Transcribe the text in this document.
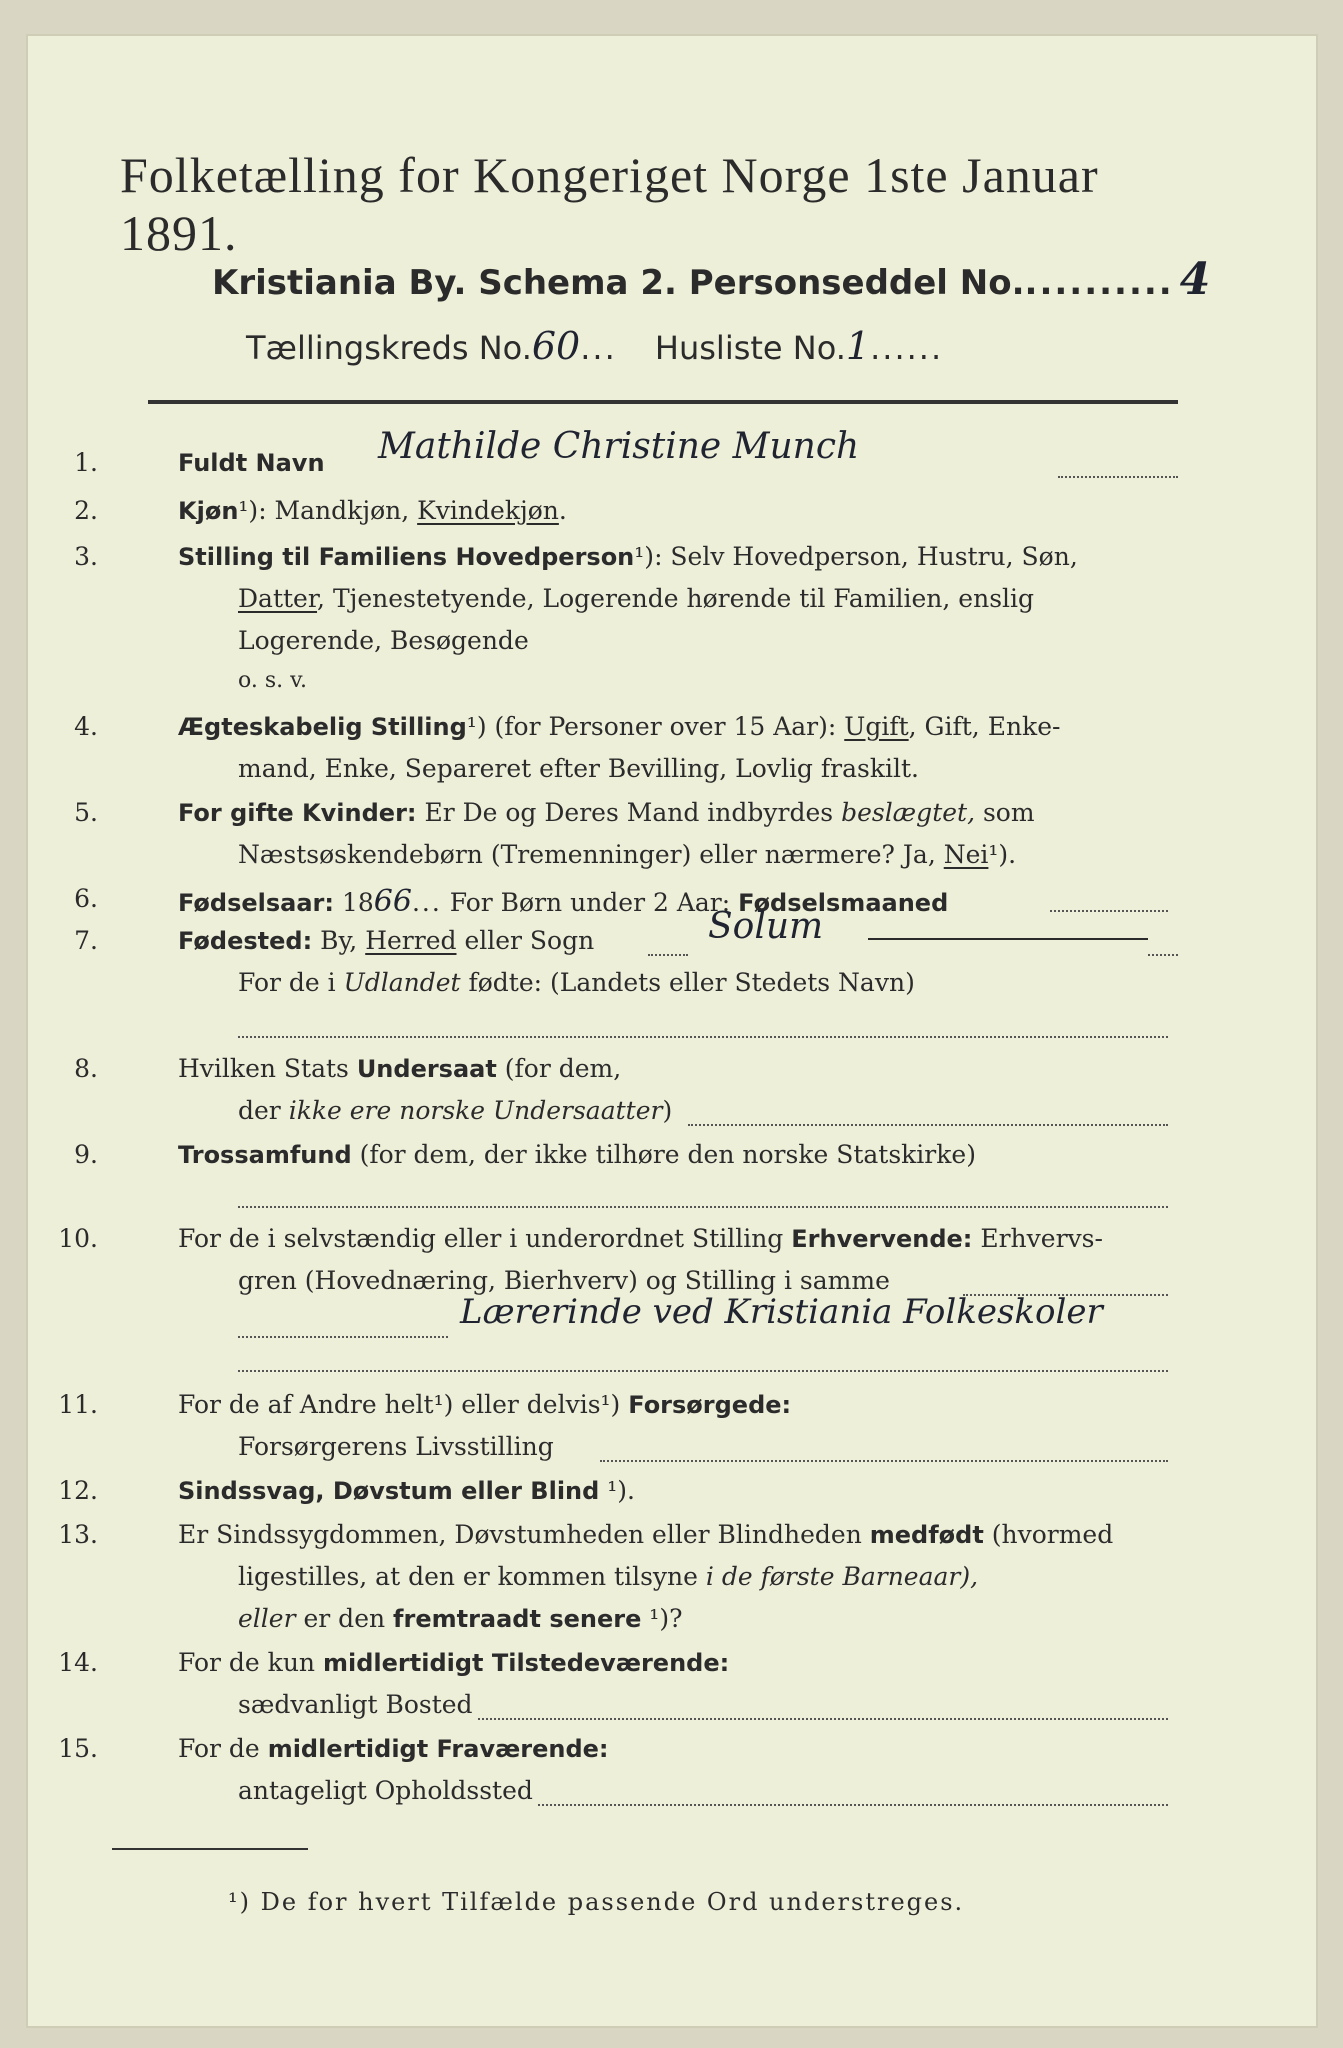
Folketælling for Kongeriget Norge 1ste Januar 1891.
Kristiania By. Schema 2. Personseddel No........... 4
Tællingskreds No.60... Husliste No.1......
1.	Fuldt Navn Mathilde Christine Munch
2.	Kjøn¹): Mandkjøn, Kvindekjøn.
3.	Stilling til Familiens Hovedperson¹): Selv Hovedperson, Hustru, Søn,
Datter, Tjenestetyende, Logerende hørende til Familien, enslig
Logerende, Besøgende
o. s. v.
4.	Ægteskabelig Stilling¹) (for Personer over 15 Aar): Ugift, Gift, Enke-
mand, Enke, Separeret efter Bevilling, Lovlig fraskilt.
5.	For gifte Kvinder: Er De og Deres Mand indbyrdes beslægtet, som
Næstsøskendebørn (Tremenninger) eller nærmere? Ja, Nei¹).
6.	Fødselsaar: 1866... For Børn under 2 Aar: Fødselsmaaned
7.	Fødested: By, Herred eller Sogn	Solum
For de i Udlandet fødte: (Landets eller Stedets Navn)
8.	Hvilken Stats Undersaat (for dem,
der ikke ere norske Undersaatter)
9.	Trossamfund (for dem, der ikke tilhøre den norske Statskirke)
10.	For de i selvstændig eller i underordnet Stilling Erhvervende: Erhvervs-
gren (Hovednæring, Bierhverv) og Stilling i samme
Lærerinde ved Kristiania Folkeskoler
11.	For de af Andre helt¹) eller delvis¹) Forsørgede:
Forsørgerens Livsstilling
12.	Sindssvag, Døvstum eller Blind ¹).
13.	Er Sindssygdommen, Døvstumheden eller Blindheden medfødt (hvormed
ligestilles, at den er kommen tilsyne i de første Barneaar),
eller er den fremtraadt senere ¹)?
14.	For de kun midlertidigt Tilstedeværende:
sædvanligt Bosted
15.	For de midlertidigt Fraværende:
antageligt Opholdssted
¹) De for hvert Tilfælde passende Ord understreges.
